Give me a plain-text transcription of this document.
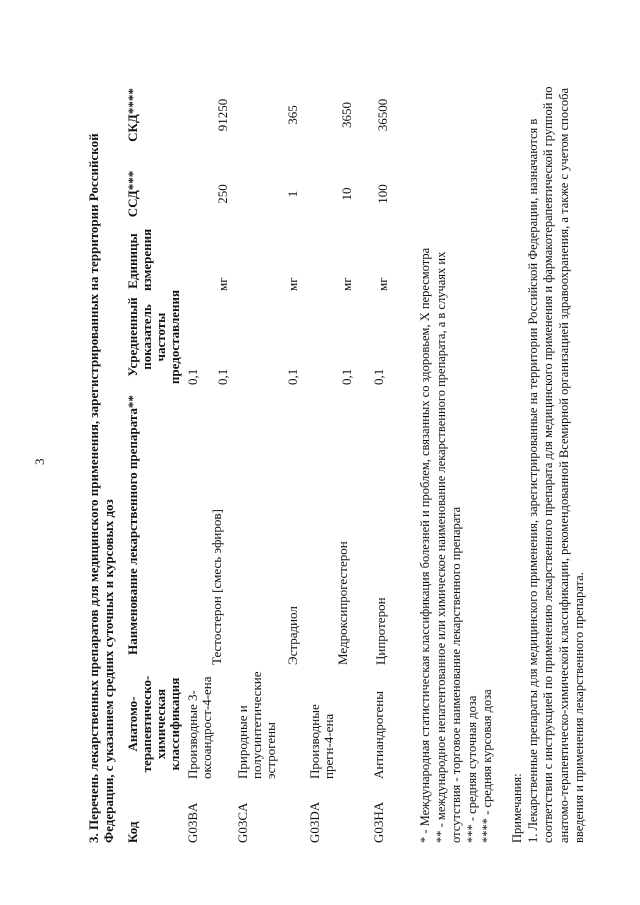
3	3. Перечень лекарственных препаратов для медицинского применения, зарегистрированных на территории Российской Федерации, с указанием средних суточных и курсовых доз Код
Анатомо-терапевтическо-химическая классификация
Наименование лекарственного препарата**
Усредненный показатель частоты предоставления
Единицы измерения
ССД***
СКД****
G03BA
Производные 3-оксоандрост-4-ена
0,1
Тестостерон [смесь эфиров]
0,1
мг
250
91250
G03CA
Природные и полусинтетические эстрогены
Эстрадиол
0,1
мг
1
365
G03DA
Производные прегн-4-ена
Медроксипрогестерон
0,1
мг
10
3650
G03HA
Антиандрогены
Ципротерон
0,1
мг
100
36500
* - Международная статистическая классификация болезней и проблем, связанных со здоровьем, X пересмотра ** - международное непатентованное или химическое наименование лекарственного препарата, а в случаях их отсутствия - торговое наименование лекарственного препарата *** - средняя суточная доза **** - средняя курсовая доза Примечания: 1. Лекарственные препараты для медицинского применения, зарегистрированные на территории Российской Федерации, назначаются в соответствии с инструкцией по применению лекарственного препарата для медицинского применения и фармакотерапевтической группой по анатомо-терапевтическо-химической классификации, рекомендованной Всемирной организацией здравоохранения, а также с учетом способа введения и применения лекарственного препарата.
